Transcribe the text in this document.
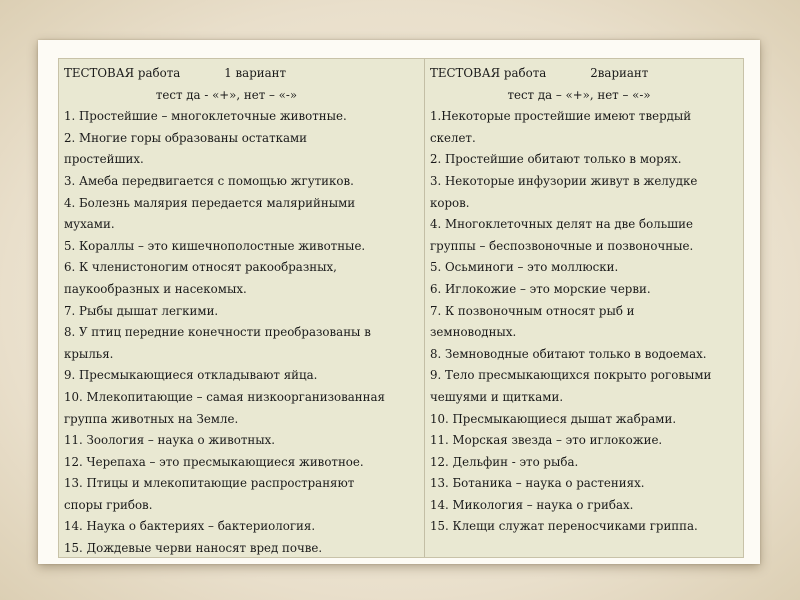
ТЕСТОВАЯ работа	1 вариант
тест да - «+», нет – «-»
1. Простейшие – многоклеточные животные.
2. Многие горы образованы остатками
простейших.
3. Амеба передвигается с помощью жгутиков.
4. Болезнь малярия передается малярийными
мухами.
5. Кораллы – это кишечнополостные животные.
6. К членистоногим относят ракообразных,
паукообразных и насекомых.
7. Рыбы дышат легкими.
8. У птиц передние конечности преобразованы в
крылья.
9. Пресмыкающиеся откладывают яйца.
10. Млекопитающие – самая низкоорганизованная
группа животных на Земле.
11. Зоология – наука о животных.
12. Черепаха – это пресмыкающиеся животное.
13. Птицы и млекопитающие распространяют
споры грибов.
14. Наука о бактериях – бактериология.
15. Дождевые черви наносят вред почве.
ТЕСТОВАЯ работа	2вариант
тест да – «+», нет – «-»
1.Некоторые простейшие имеют твердый
скелет.
2. Простейшие обитают только в морях.
3. Некоторые инфузории живут в желудке
коров.
4. Многоклеточных делят на две большие
группы – беспозвоночные и позвоночные.
5. Осьминоги – это моллюски.
6. Иглокожие – это морские черви.
7. К позвоночным относят рыб и
земноводных.
8. Земноводные обитают только в водоемах.
9. Тело пресмыкающихся покрыто роговыми
чешуями и щитками.
10. Пресмыкающиеся дышат жабрами.
11. Морская звезда – это иглокожие.
12. Дельфин - это рыба.
13. Ботаника – наука о растениях.
14. Микология – наука о грибах.
15. Клещи служат переносчиками гриппа.
